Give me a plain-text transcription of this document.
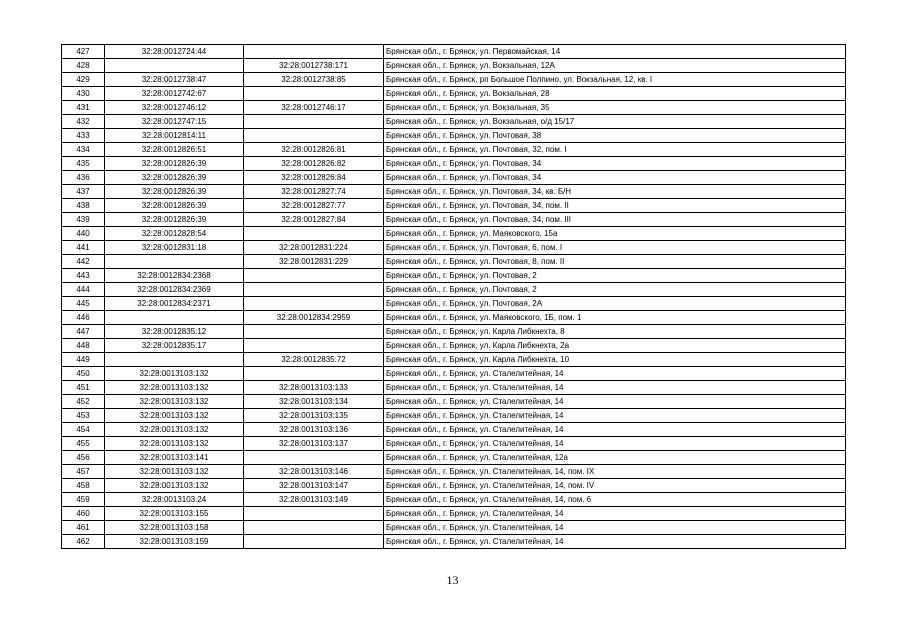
427	32:28:0012724:44		Брянская обл., г. Брянск, ул. Первомайская, 14
428		32:28:0012738:171	Брянская обл., г. Брянск, ул. Вокзальная, 12А
429	32:28:0012738:47	32:28:0012738:85	Брянская обл., г. Брянск, рп Большое Полпино, ул. Вокзальная, 12, кв. I
430	32:28:0012742:67		Брянская обл., г. Брянск, ул. Вокзальная, 28
431	32:28:0012746:12	32:28:0012746:17	Брянская обл., г. Брянск, ул. Вокзальная, 35
432	32:28:0012747:15		Брянская обл., г. Брянск, ул. Вокзальная, о/д 15/17
433	32:28:0012814:11		Брянская обл., г. Брянск, ул. Почтовая, 38
434	32:28:0012826:51	32:28:0012826:81	Брянская обл., г. Брянск, ул. Почтовая, 32, пом. I
435	32:28:0012826:39	32:28:0012826:82	Брянская обл., г. Брянск, ул. Почтовая, 34
436	32:28:0012826:39	32:28:0012826:84	Брянская обл., г. Брянск, ул. Почтовая, 34
437	32:28:0012826:39	32:28:0012827:74	Брянская обл., г. Брянск, ул. Почтовая, 34, кв. Б/Н
438	32:28:0012826:39	32:28:0012827:77	Брянская обл., г. Брянск, ул. Почтовая, 34, пом. II
439	32:28:0012826:39	32:28:0012827:84	Брянская обл., г. Брянск, ул. Почтовая, 34, пом. III
440	32:28:0012828:54		Брянская обл., г. Брянск, ул. Маяковского, 15а
441	32:28:0012831:18	32:28:0012831:224	Брянская обл., г. Брянск, ул. Почтовая, 6, пом. I
442		32:28:0012831:229	Брянская обл., г. Брянск, ул. Почтовая, 8, пом. II
443	32:28:0012834:2368		Брянская обл., г. Брянск, ул. Почтовая, 2
444	32:28:0012834:2369		Брянская обл., г. Брянск, ул. Почтовая, 2
445	32:28:0012834:2371		Брянская обл., г. Брянск, ул. Почтовая, 2А
446		32:28:0012834:2959	Брянская обл., г. Брянск, ул. Маяковского, 1Б, пом. 1
447	32:28:0012835:12		Брянская обл., г. Брянск, ул. Карла Либкнехта, 8
448	32:28:0012835:17		Брянская обл., г. Брянск, ул. Карла Либкнехта, 2а
449		32:28:0012835:72	Брянская обл., г. Брянск, ул. Карла Либкнехта, 10
450	32:28:0013103:132		Брянская обл., г. Брянск, ул. Сталелитейная, 14
451	32:28:0013103:132	32:28:0013103:133	Брянская обл., г. Брянск, ул. Сталелитейная, 14
452	32:28:0013103:132	32:28:0013103:134	Брянская обл., г. Брянск, ул. Сталелитейная, 14
453	32:28:0013103:132	32:28:0013103:135	Брянская обл., г. Брянск, ул. Сталелитейная, 14
454	32:28:0013103:132	32:28:0013103:136	Брянская обл., г. Брянск, ул. Сталелитейная, 14
455	32:28:0013103:132	32:28:0013103:137	Брянская обл., г. Брянск, ул. Сталелитейная, 14
456	32:28:0013103:141		Брянская обл., г. Брянск, ул. Сталелитейная, 12а
457	32:28:0013103:132	32:28:0013103:146	Брянская обл., г. Брянск, ул. Сталелитейная, 14, пом. IX
458	32:28:0013103:132	32:28:0013103:147	Брянская обл., г. Брянск, ул. Сталелитейная, 14, пом. IV
459	32:28:0013103:24	32:28:0013103:149	Брянская обл., г. Брянск, ул. Сталелитейная, 14, пом. 6
460	32:28:0013103:155		Брянская обл., г. Брянск, ул. Сталелитейная, 14
461	32:28:0013103:158		Брянская обл., г. Брянск, ул. Сталелитейная, 14
462	32:28:0013103:159		Брянская обл., г. Брянск, ул. Сталелитейная, 14
13
